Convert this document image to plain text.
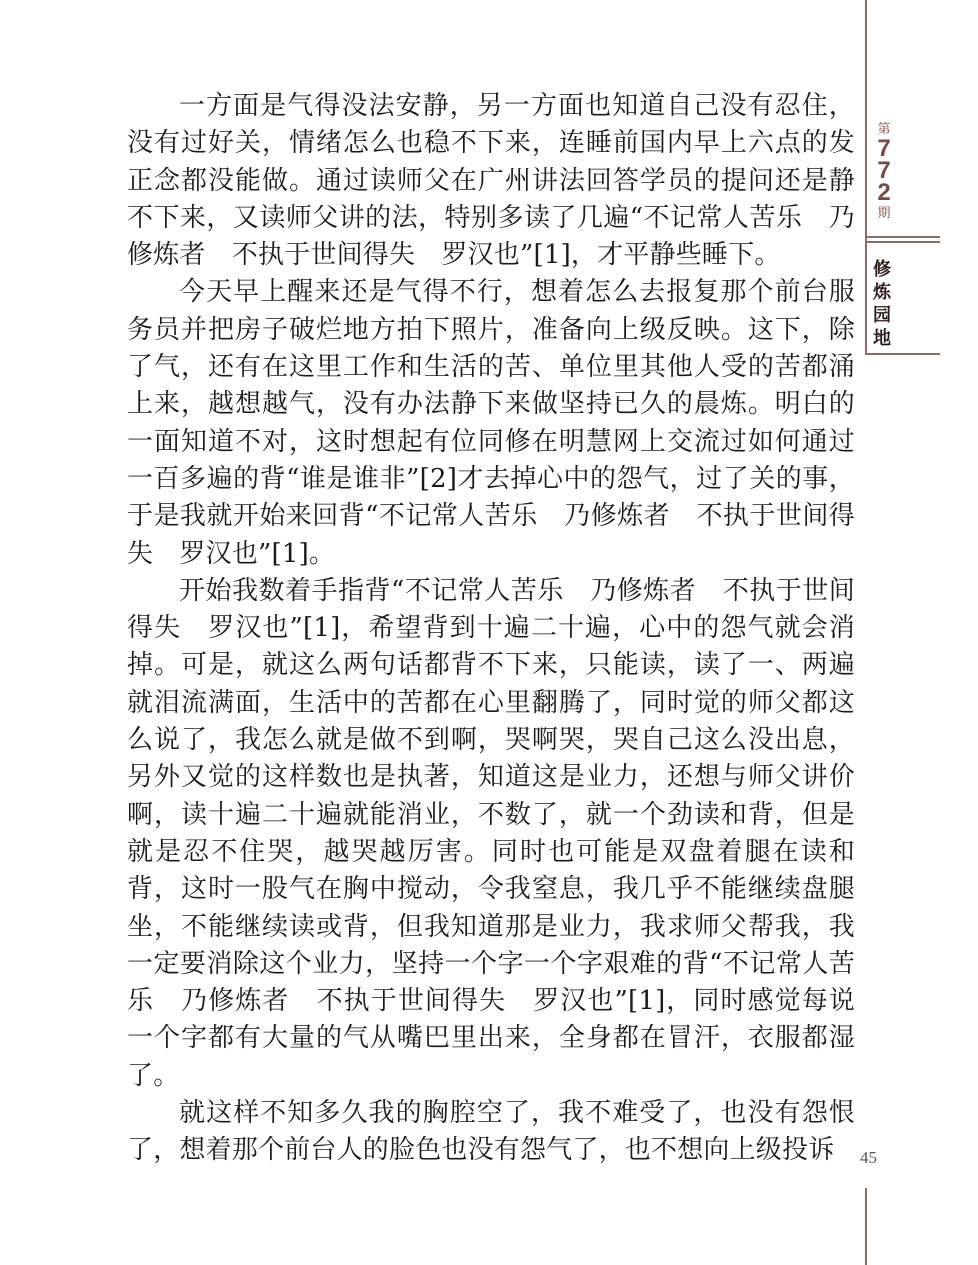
一方面是气得没法安静，另一方面也知道自己没有忍住，没有过好关，情绪怎么也稳不下来，连睡前国内早上六点的发正念都没能做。通过读师父在广州讲法回答学员的提问还是静不下来，又读师父讲的法，特别多读了几遍“不记常人苦乐　乃修炼者　不执于世间得失　罗汉也”[1]，才平静些睡下。

今天早上醒来还是气得不行，想着怎么去报复那个前台服务员并把房子破烂地方拍下照片，准备向上级反映。这下，除了气，还有在这里工作和生活的苦、单位里其他人受的苦都涌上来，越想越气，没有办法静下来做坚持已久的晨炼。明白的一面知道不对，这时想起有位同修在明慧网上交流过如何通过一百多遍的背“谁是谁非”[2]才去掉心中的怨气，过了关的事，于是我就开始来回背“不记常人苦乐　乃修炼者　不执于世间得失　罗汉也”[1]。

开始我数着手指背“不记常人苦乐　乃修炼者　不执于世间得失　罗汉也”[1]，希望背到十遍二十遍，心中的怨气就会消掉。可是，就这么两句话都背不下来，只能读，读了一、两遍就泪流满面，生活中的苦都在心里翻腾了，同时觉的师父都这么说了，我怎么就是做不到啊，哭啊哭，哭自己这么没出息，另外又觉的这样数也是执著，知道这是业力，还想与师父讲价啊，读十遍二十遍就能消业，不数了，就一个劲读和背，但是就是忍不住哭，越哭越厉害。同时也可能是双盘着腿在读和背，这时一股气在胸中搅动，令我窒息，我几乎不能继续盘腿坐，不能继续读或背，但我知道那是业力，我求师父帮我，我一定要消除这个业力，坚持一个字一个字艰难的背“不记常人苦乐　乃修炼者　不执于世间得失　罗汉也”[1]，同时感觉每说一个字都有大量的气从嘴巴里出来，全身都在冒汗，衣服都湿了。

就这样不知多久我的胸腔空了，我不难受了，也没有怨恨了，想着那个前台人的脸色也没有怨气了，也不想向上级投诉

第
7
7
2
期
修
炼
园
地
45
